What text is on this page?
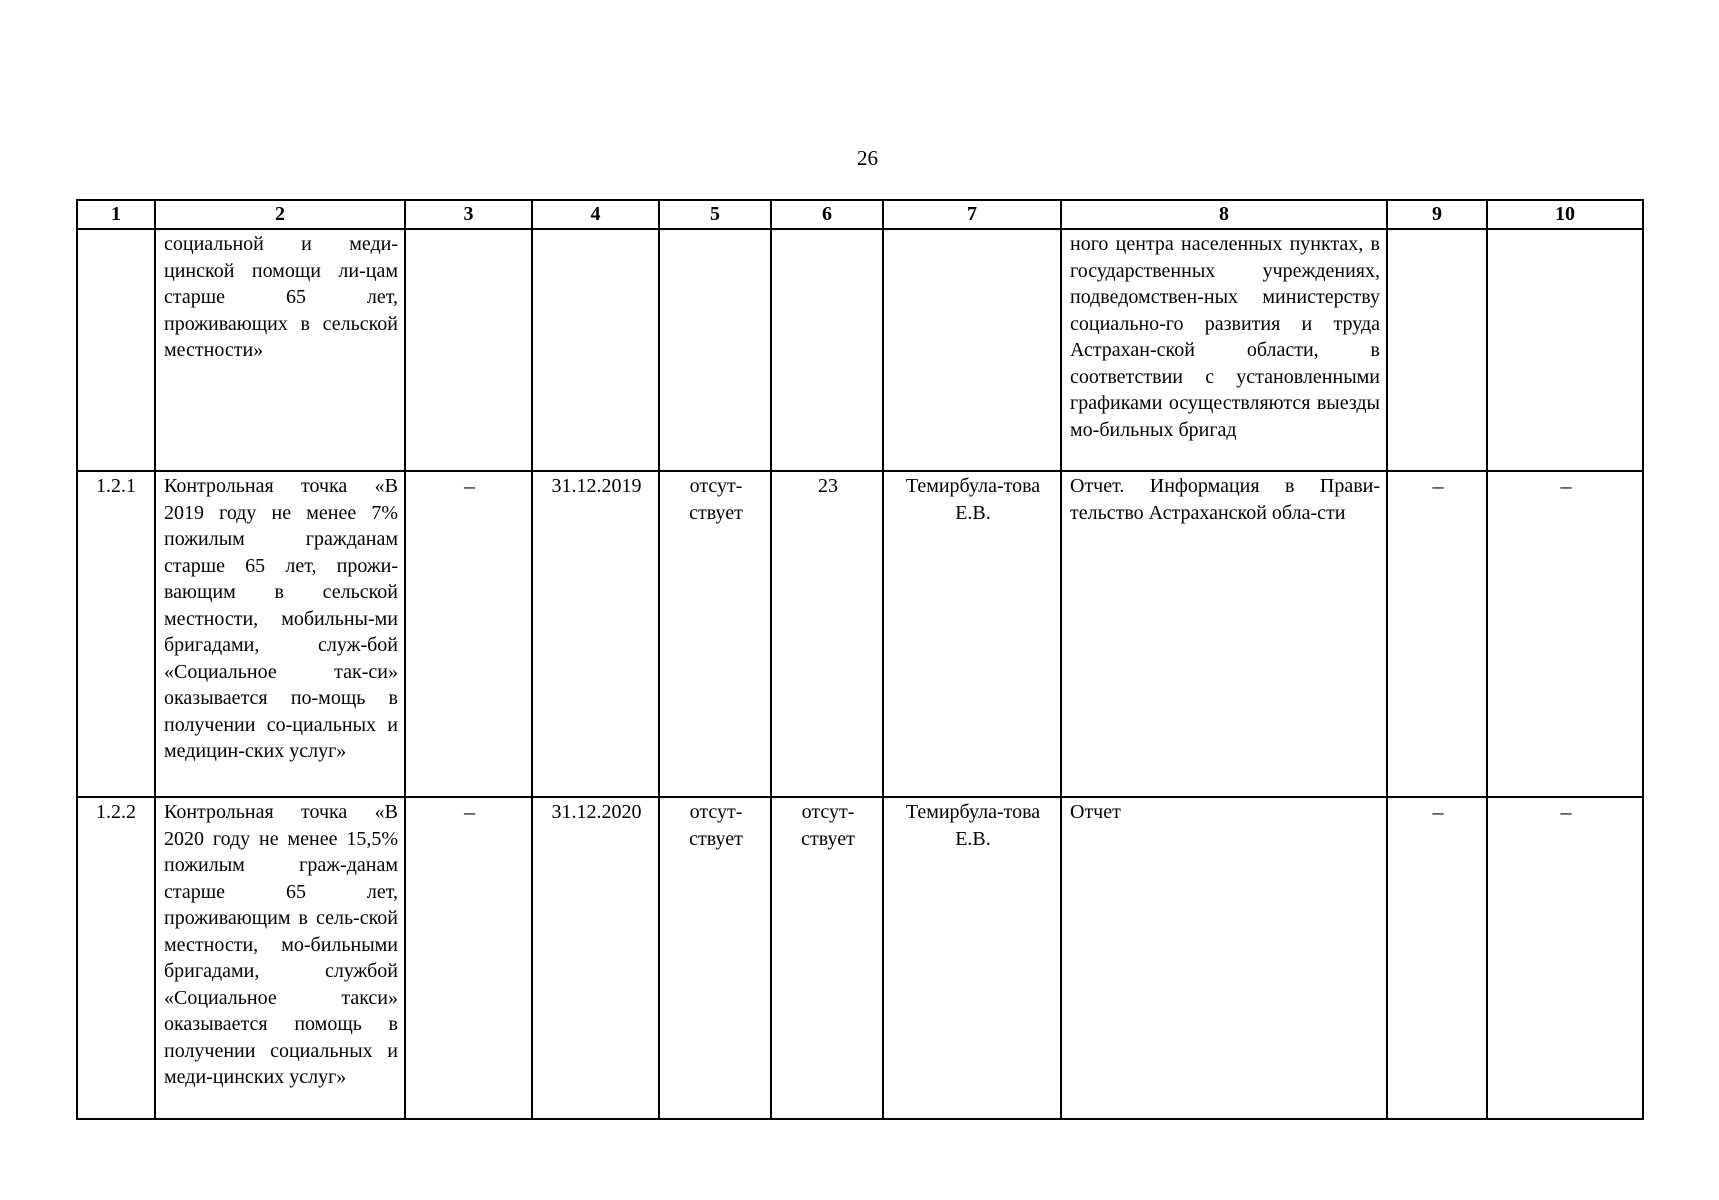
26
1	2	3	4	5	6	7	8	9	10
	социальной и меди-цинской помощи ли-цам старше 65 лет, проживающих в сельской местности»						ного центра населенных пунктах, в государственных учреждениях, подведомствен-ных министерству социально-го развития и труда Астрахан-ской области, в соответствии с установленными графиками осуществляются выезды мо-бильных бригад		
1.2.1	Контрольная точка «В 2019 году не менее 7% пожилым гражданам старше 65 лет, прожи-вающим в сельской местности, мобильны-ми бригадами, служ-бой «Социальное так-си» оказывается по-мощь в получении со-циальных и медицин-ских услуг»	–	31.12.2019	отсут-ствует	23	Темирбула-това Е.В.	Отчет. Информация в Прави-тельство Астраханской обла-сти	–	–
1.2.2	Контрольная точка «В 2020 году не менее 15,5% пожилым граж-данам старше 65 лет, проживающим в сель-ской местности, мо-бильными бригадами, службой «Социальное такси» оказывается помощь в получении социальных и меди-цинских услуг»	–	31.12.2020	отсут-ствует	отсут-ствует	Темирбула-това Е.В.	Отчет	–	–
